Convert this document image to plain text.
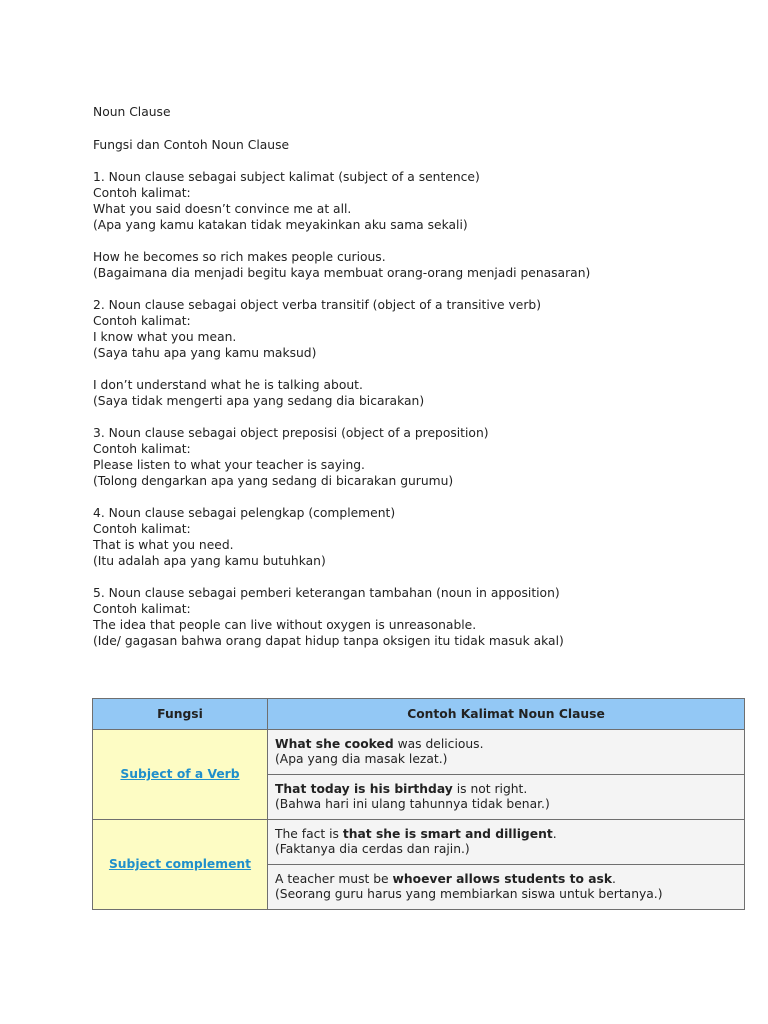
Noun Clause
Fungsi dan Contoh Noun Clause
1. Noun clause sebagai subject kalimat (subject of a sentence)
Contoh kalimat:
What you said doesn’t convince me at all.
(Apa yang kamu katakan tidak meyakinkan aku sama sekali)
How he becomes so rich makes people curious.
(Bagaimana dia menjadi begitu kaya membuat orang-orang menjadi penasaran)
2. Noun clause sebagai object verba transitif (object of a transitive verb)
Contoh kalimat:
I know what you mean.
(Saya tahu apa yang kamu maksud)
I don’t understand what he is talking about.
(Saya tidak mengerti apa yang sedang dia bicarakan)
3. Noun clause sebagai object preposisi (object of a preposition)
Contoh kalimat:
Please listen to what your teacher is saying.
(Tolong dengarkan apa yang sedang di bicarakan gurumu)
4. Noun clause sebagai pelengkap (complement)
Contoh kalimat:
That is what you need.
(Itu adalah apa yang kamu butuhkan)
5. Noun clause sebagai pemberi keterangan tambahan (noun in apposition)
Contoh kalimat:
The idea that people can live without oxygen is unreasonable.
(Ide/ gagasan bahwa orang dapat hidup tanpa oksigen itu tidak masuk akal)
Fungsi	Contoh Kalimat Noun Clause
Subject of a Verb	What she cooked was delicious.
(Apa yang dia masak lezat.)

	That today is his birthday is not right.
(Bahwa hari ini ulang tahunnya tidak benar.)

Subject complement	The fact is that she is smart and dilligent.
(Faktanya dia cerdas dan rajin.)

	A teacher must be whoever allows students to ask.
(Seorang guru harus yang membiarkan siswa untuk bertanya.)
